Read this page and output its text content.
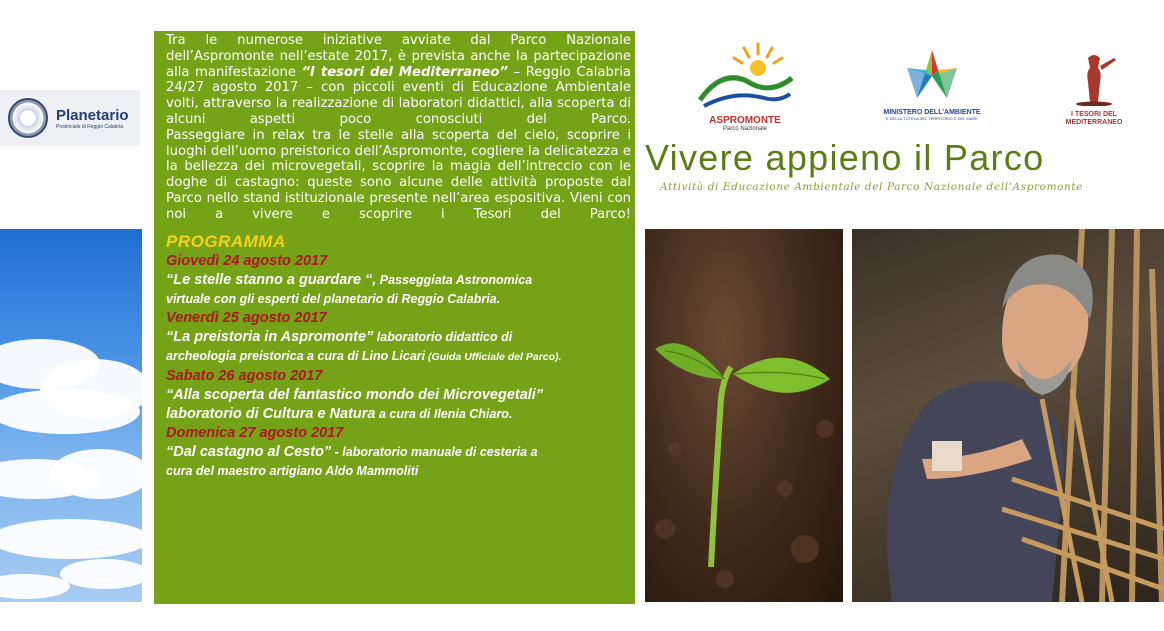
Planetario
Provinciale di Reggio Calabria

Tra le numerose iniziative avviate dal Parco Nazionale dell’Aspromonte nell’estate 2017, è prevista anche la partecipazione alla manifestazione “I tesori del Mediterraneo” – Reggio Calabria 24/27 agosto 2017 – con piccoli eventi di Educazione Ambientale volti, attraverso la realizzazione di laboratori didattici, alla scoperta di alcuni aspetti poco conosciuti del Parco.

Passeggiare in relax tra le stelle alla scoperta del cielo, scoprire i luoghi dell’uomo preistorico dell’Aspromonte, cogliere la delicatezza e la bellezza dei microvegetali, scoprire la magia dell’intreccio con le doghe di castagno: queste sono alcune delle attività proposte dal Parco nello stand istituzionale presente nell’area espositiva. Vieni con noi a vivere e scoprire i Tesori del Parco!

PROGRAMMA
Giovedì 24 agosto 2017
“Le stelle stanno a guardare “, Passeggiata Astronomica
virtuale con gli esperti del planetario di Reggio Calabria.
Venerdì 25 agosto 2017
“La preistoria in Aspromonte” laboratorio didattico di
archeologia preistorica a cura di Lino Licari (Guida Ufficiale del Parco).
Sabato 26 agosto 2017
“Alla scoperta del fantastico mondo dei Microvegetali”
laboratorio di Cultura e Natura a cura di Ilenia Chiaro.
Domenica 27 agosto 2017
“Dal castagno al Cesto” - laboratorio manuale di cesteria a
cura del maestro artigiano Aldo Mammoliti
ASPROMONTE
Parco Nazionale
MINISTERO DELL’AMBIENTE
E DELLA TUTELA DEL TERRITORIO E DEL MARE
I TESORI DEL MEDITERRANEO
Vivere appieno il Parco
Attività di Educazione Ambientale del Parco Nazionale dell’Aspromonte
